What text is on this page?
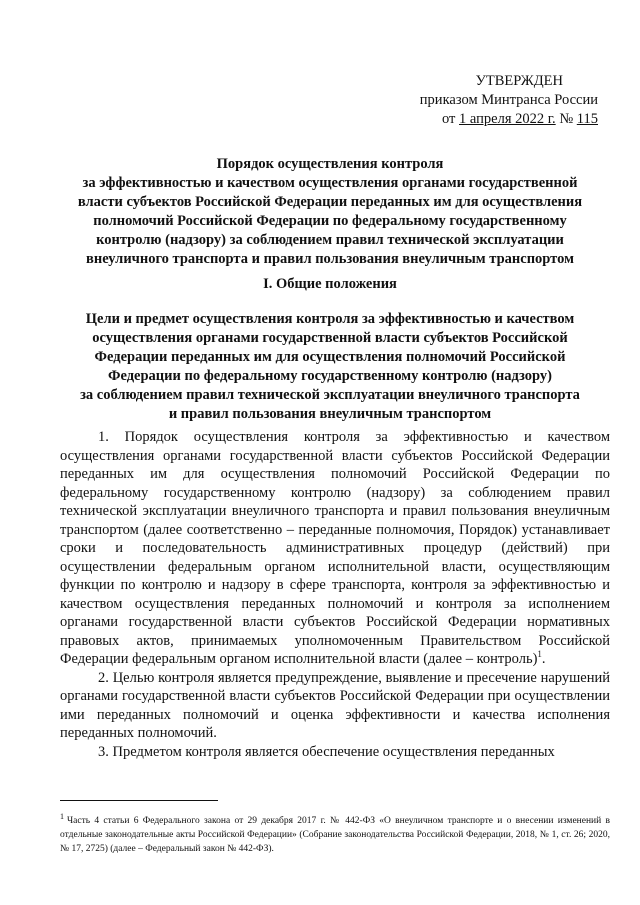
УТВЕРЖДЕН
приказом Минтранса России
от 1 апреля 2022 г. № 115
Порядок осуществления контроля
за эффективностью и качеством осуществления органами государственной
власти субъектов Российской Федерации переданных им для осуществления
полномочий Российской Федерации по федеральному государственному
контролю (надзору) за соблюдением правил технической эксплуатации
внеуличного транспорта и правил пользования внеуличным транспортом
I. Общие положения
Цели и предмет осуществления контроля за эффективностью и качеством
осуществления органами государственной власти субъектов Российской
Федерации переданных им для осуществления полномочий Российской
Федерации по федеральному государственному контролю (надзору)
за соблюдением правил технической эксплуатации внеуличного транспорта
и правил пользования внеуличным транспортом

1. Порядок осуществления контроля за эффективностью и качеством осуществления органами государственной власти субъектов Российской Федерации переданных им для осуществления полномочий Российской Федерации по федеральному государственному контролю (надзору) за соблюдением правил технической эксплуатации внеуличного транспорта и правил пользования внеуличным транспортом (далее соответственно – переданные полномочия, Порядок) устанавливает сроки и последовательность административных процедур (действий) при осуществлении федеральным органом исполнительной власти, осуществляющим функции по контролю и надзору в сфере транспорта, контроля за эффективностью и качеством осуществления переданных полномочий и контроля за исполнением органами государственной власти субъектов Российской Федерации нормативных правовых актов, принимаемых уполномоченным Правительством Российской Федерации федеральным органом исполнительной власти (далее – контроль)$^1$.

2. Целью контроля является предупреждение, выявление и пресечение нарушений органами государственной власти субъектов Российской Федерации при осуществлении ими переданных полномочий и оценка эффективности и качества исполнения переданных полномочий.

3. Предметом контроля является обеспечение осуществления переданных

$^1$ Часть 4 статьи 6 Федерального закона от 29 декабря 2017 г. № 442-ФЗ «О внеуличном транспорте и о внесении изменений в отдельные законодательные акты Российской Федерации» (Собрание законодательства Российской Федерации, 2018, № 1, ст. 26; 2020, № 17, 2725) (далее – Федеральный закон № 442-ФЗ).
